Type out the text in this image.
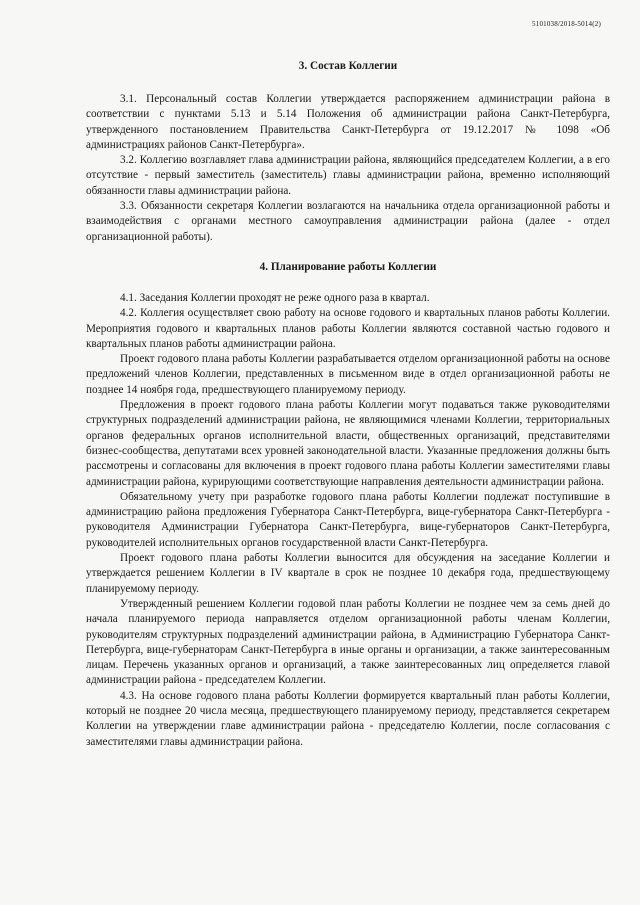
5101038/2018-5014(2)
3. Состав Коллегии

3.1. Персональный состав Коллегии утверждается распоряжением администрации района в соответствии с пунктами 5.13 и 5.14 Положения об администрации района Санкт-Петербурга, утвержденного постановлением Правительства Санкт-Петербурга от 19.12.2017 № 1098 «Об администрациях районов Санкт-Петербурга».

3.2. Коллегию возглавляет глава администрации района, являющийся председателем Коллегии, а в его отсутствие - первый заместитель (заместитель) главы администрации района, временно исполняющий обязанности главы администрации района.

3.3. Обязанности секретаря Коллегии возлагаются на начальника отдела организационной работы и взаимодействия с органами местного самоуправления администрации района (далее - отдел организационной работы).

4. Планирование работы Коллегии

4.1. Заседания Коллегии проходят не реже одного раза в квартал.

4.2. Коллегия осуществляет свою работу на основе годового и квартальных планов работы Коллегии. Мероприятия годового и квартальных планов работы Коллегии являются составной частью годового и квартальных планов работы администрации района.

Проект годового плана работы Коллегии разрабатывается отделом организационной работы на основе предложений членов Коллегии, представленных в письменном виде в отдел организационной работы не позднее 14 ноября года, предшествующего планируемому периоду.

Предложения в проект годового плана работы Коллегии могут подаваться также руководителями структурных подразделений администрации района, не являющимися членами Коллегии, территориальных органов федеральных органов исполнительной власти, общественных организаций, представителями бизнес-сообщества, депутатами всех уровней законодательной власти. Указанные предложения должны быть рассмотрены и согласованы для включения в проект годового плана работы Коллегии заместителями главы администрации района, курирующими соответствующие направления деятельности администрации района.

Обязательному учету при разработке годового плана работы Коллегии подлежат поступившие в администрацию района предложения Губернатора Санкт-Петербурга, вице-губернатора Санкт-Петербурга - руководителя Администрации Губернатора Санкт-Петербурга, вице-губернаторов Санкт-Петербурга, руководителей исполнительных органов государственной власти Санкт-Петербурга.

Проект годового плана работы Коллегии выносится для обсуждения на заседание Коллегии и утверждается решением Коллегии в IV квартале в срок не позднее 10 декабря года, предшествующему планируемому периоду.

Утвержденный решением Коллегии годовой план работы Коллегии не позднее чем за семь дней до начала планируемого периода направляется отделом организационной работы членам Коллегии, руководителям структурных подразделений администрации района, в Администрацию Губернатора Санкт-Петербурга, вице-губернаторам Санкт-Петербурга в иные органы и организации, а также заинтересованным лицам. Перечень указанных органов и организаций, а также заинтересованных лиц определяется главой администрации района - председателем Коллегии.

4.3. На основе годового плана работы Коллегии формируется квартальный план работы Коллегии, который не позднее 20 числа месяца, предшествующего планируемому периоду, представляется секретарем Коллегии на утверждении главе администрации района - председателю Коллегии, после согласования с заместителями главы администрации района.
